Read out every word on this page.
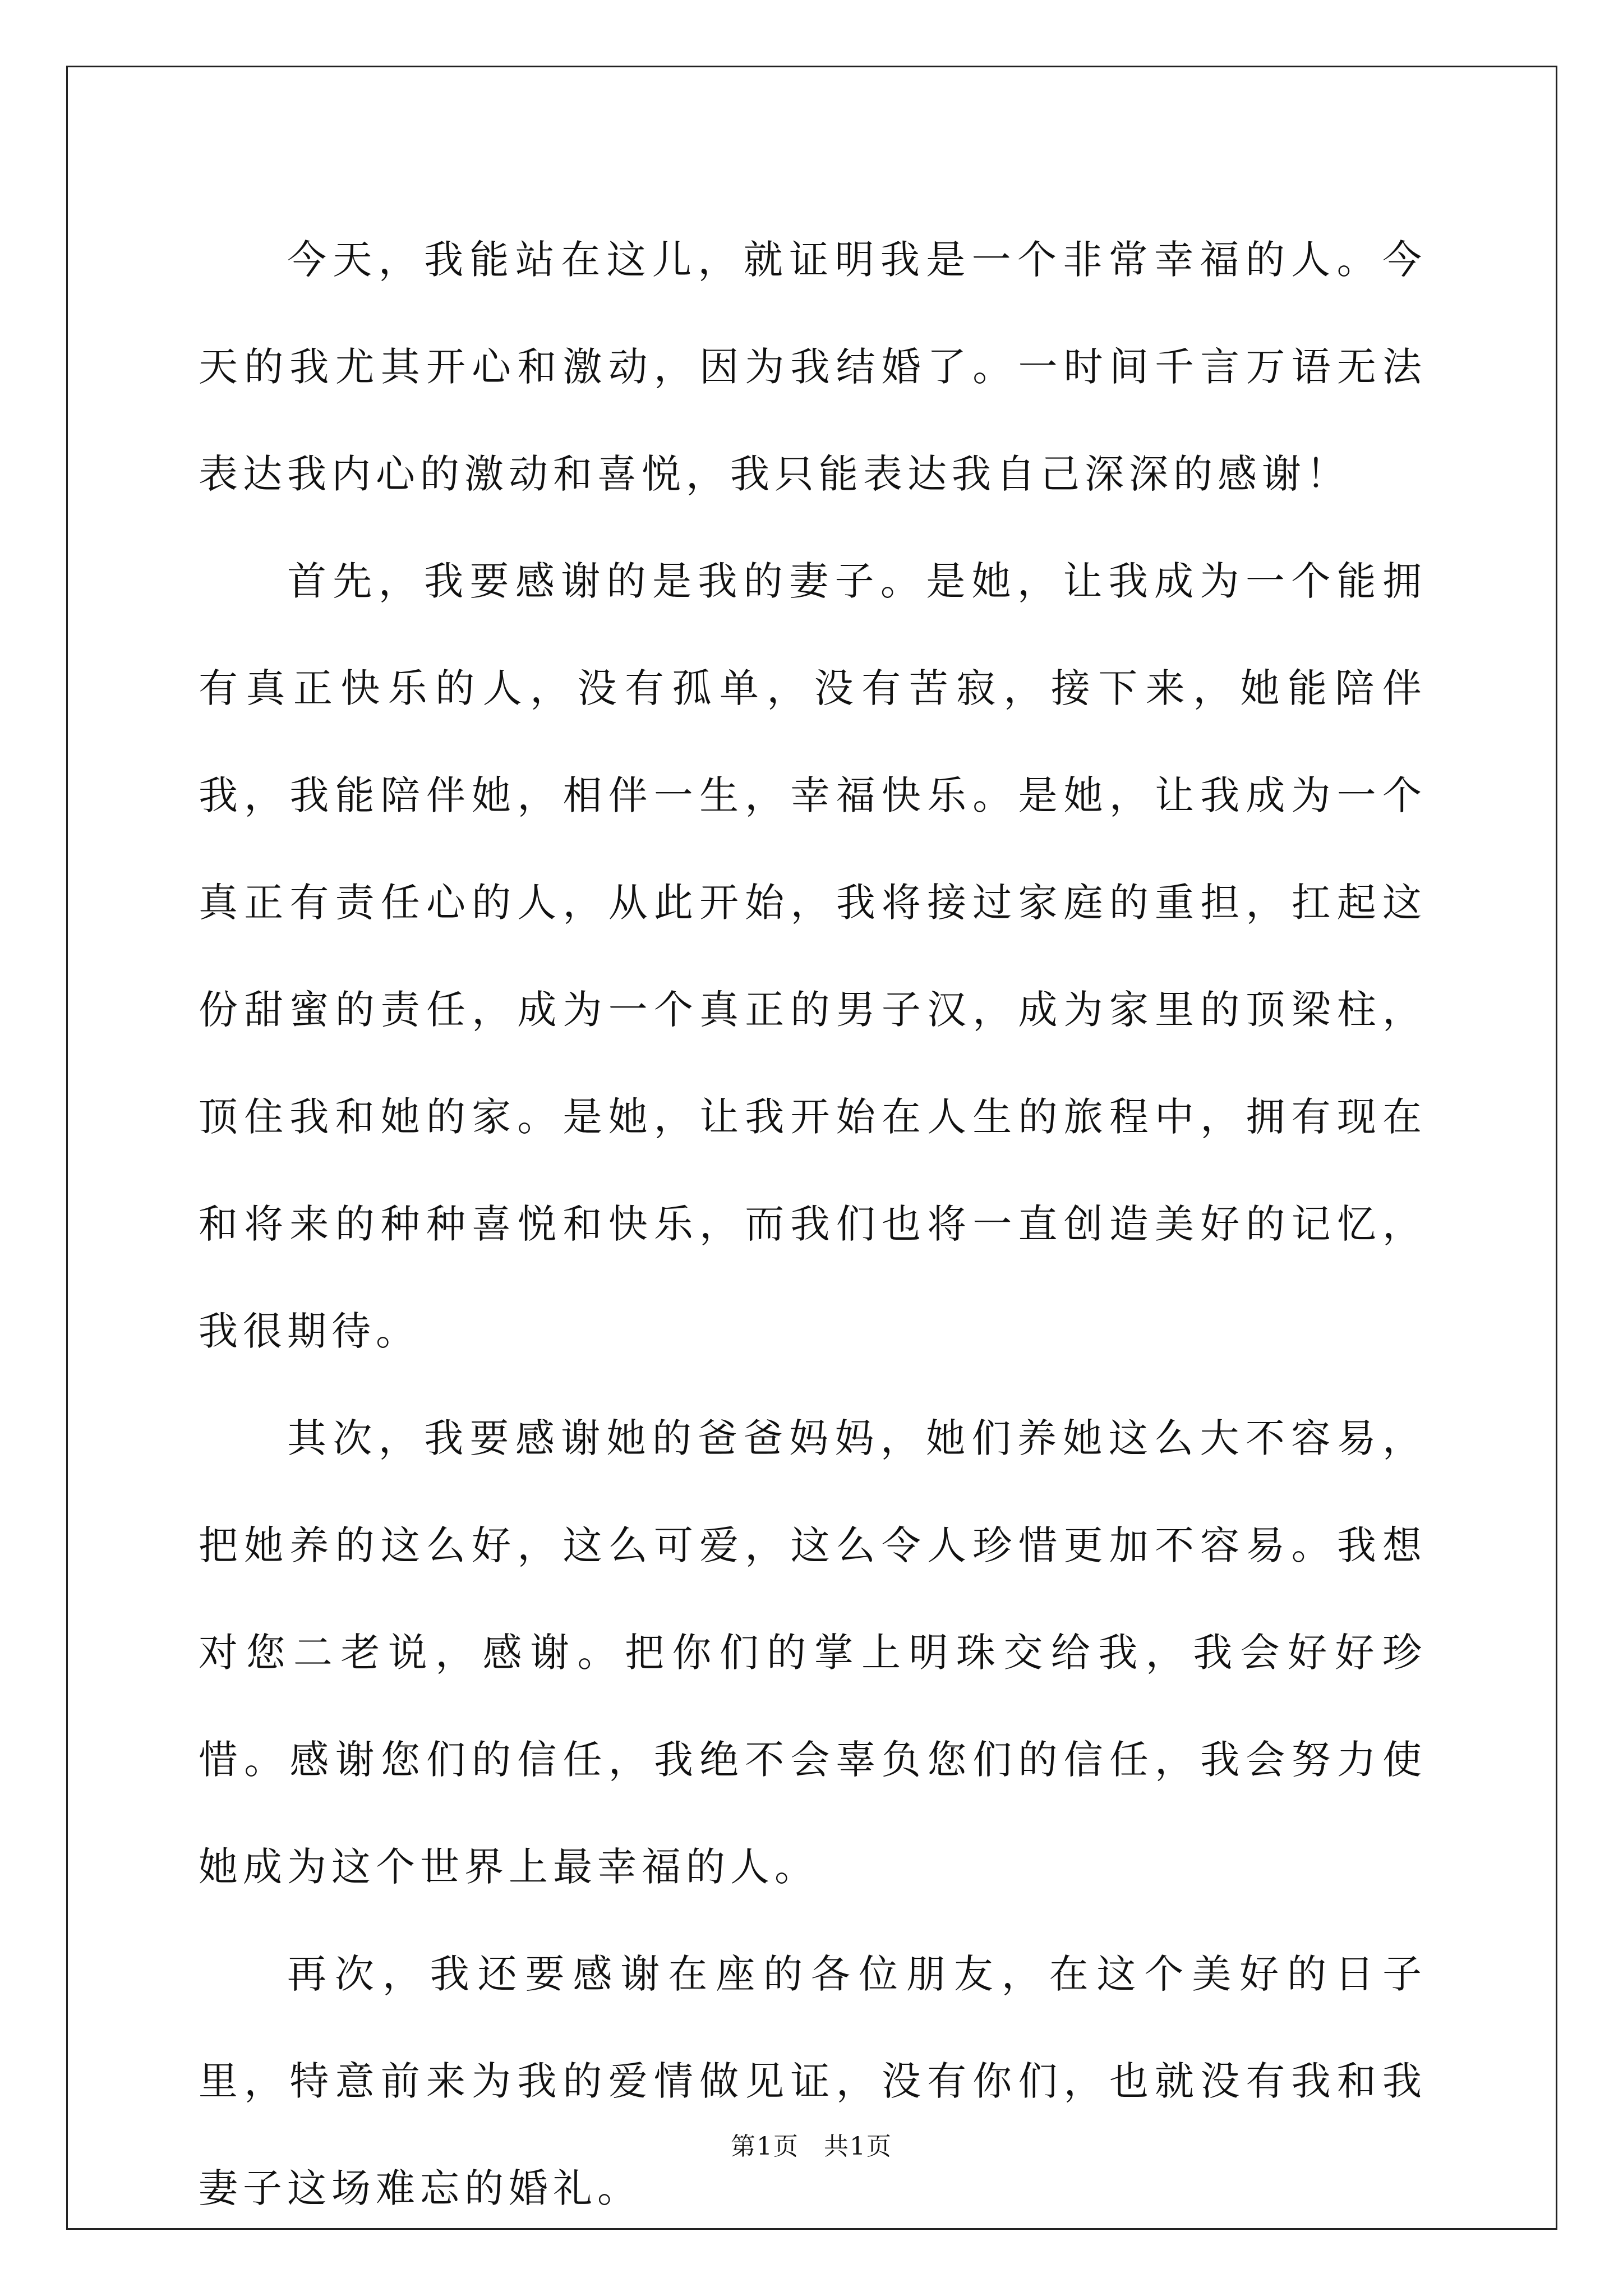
今天，我能站在这儿，就证明我是一个非常幸福的人。今天的我尤其开心和激动，因为我结婚了。一时间千言万语无法表达我内心的激动和喜悦，我只能表达我自己深深的感谢！

首先，我要感谢的是我的妻子。是她，让我成为一个能拥有真正快乐的人，没有孤单，没有苦寂，接下来，她能陪伴我，我能陪伴她，相伴一生，幸福快乐。是她，让我成为一个真正有责任心的人，从此开始，我将接过家庭的重担，扛起这份甜蜜的责任，成为一个真正的男子汉，成为家里的顶梁柱，顶住我和她的家。是她，让我开始在人生的旅程中，拥有现在和将来的种种喜悦和快乐，而我们也将一直创造美好的记忆，我很期待。

其次，我要感谢她的爸爸妈妈，她们养她这么大不容易，把她养的这么好，这么可爱，这么令人珍惜更加不容易。我想对您二老说，感谢。把你们的掌上明珠交给我，我会好好珍惜。感谢您们的信任，我绝不会辜负您们的信任，我会努力使她成为这个世界上最幸福的人。

再次，我还要感谢在座的各位朋友，在这个美好的日子里，特意前来为我的爱情做见证，没有你们，也就没有我和我妻子这场难忘的婚礼。

第1页 共1页
